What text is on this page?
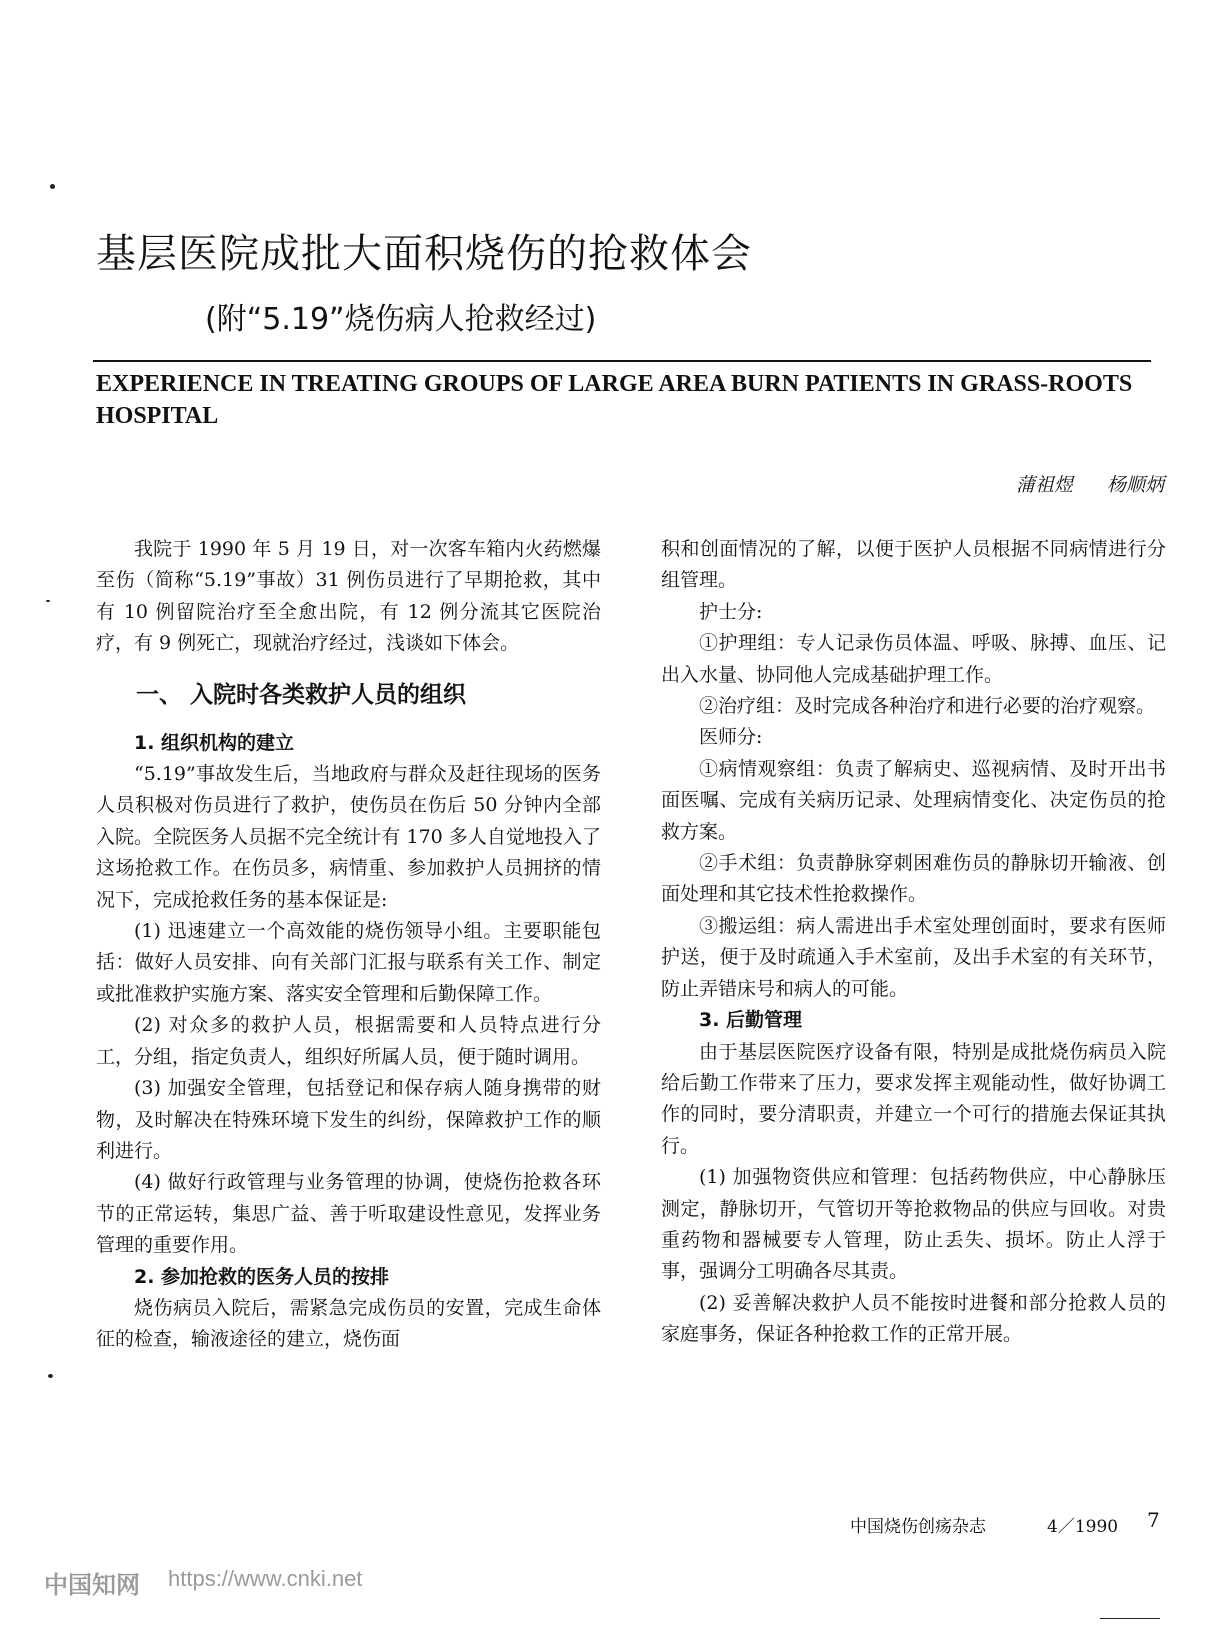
基层医院成批大面积烧伤的抢救体会
(附“5.19”烧伤病人抢救经过)
EXPERIENCE IN TREATING GROUPS OF LARGE AREA BURN PATIENTS IN GRASS-ROOTS HOSPITAL
蒲祖煜 杨顺炳

我院于 1990 年 5 月 19 日，对一次客车箱内火药燃爆至伤（简称“5.19”事故）31 例伤员进行了早期抢救，其中有 10 例留院治疗至全愈出院，有 12 例分流其它医院治疗，有 9 例死亡，现就治疗经过，浅谈如下体会。

一、 入院时各类救护人员的组织

1. 组织机构的建立

“5.19”事故发生后，当地政府与群众及赶往现场的医务人员积极对伤员进行了救护，使伤员在伤后 50 分钟内全部入院。全院医务人员据不完全统计有 170 多人自觉地投入了这场抢救工作。在伤员多，病情重、参加救护人员拥挤的情况下，完成抢救任务的基本保证是:

(1) 迅速建立一个高效能的烧伤领导小组。主要职能包括：做好人员安排、向有关部门汇报与联系有关工作、制定或批准救护实施方案、落实安全管理和后勤保障工作。

(2) 对众多的救护人员，根据需要和人员特点进行分工，分组，指定负责人，组织好所属人员，便于随时调用。

(3) 加强安全管理，包括登记和保存病人随身携带的财物，及时解决在特殊环境下发生的纠纷，保障救护工作的顺利进行。

(4) 做好行政管理与业务管理的协调，使烧伤抢救各环节的正常运转，集思广益、善于听取建设性意见，发挥业务管理的重要作用。

2. 参加抢救的医务人员的按排

烧伤病员入院后，需紧急完成伤员的安置，完成生命体征的检查，输液途径的建立，烧伤面

积和创面情况的了解，以便于医护人员根据不同病情进行分组管理。

护士分:

①护理组：专人记录伤员体温、呼吸、脉搏、血压、记出入水量、协同他人完成基础护理工作。

②治疗组：及时完成各种治疗和进行必要的治疗观察。

医师分:

①病情观察组：负责了解病史、巡视病情、及时开出书面医嘱、完成有关病历记录、处理病情变化、决定伤员的抢救方案。

②手术组：负责静脉穿刺困难伤员的静脉切开输液、创面处理和其它技术性抢救操作。

③搬运组：病人需进出手术室处理创面时，要求有医师护送，便于及时疏通入手术室前，及出手术室的有关环节，防止弄错床号和病人的可能。

3. 后勤管理

由于基层医院医疗设备有限，特别是成批烧伤病员入院给后勤工作带来了压力，要求发挥主观能动性，做好协调工作的同时，要分清职责，并建立一个可行的措施去保证其执行。

(1) 加强物资供应和管理：包括药物供应，中心静脉压测定，静脉切开，气管切开等抢救物品的供应与回收。对贵重药物和器械要专人管理，防止丢失、损坏。防止人浮于事，强调分工明确各尽其责。

(2) 妥善解决救护人员不能按时进餐和部分抢救人员的家庭事务，保证各种抢救工作的正常开展。

中国烧伤创疡杂志	4／1990 7
中国知网 https://www.cnki.net
